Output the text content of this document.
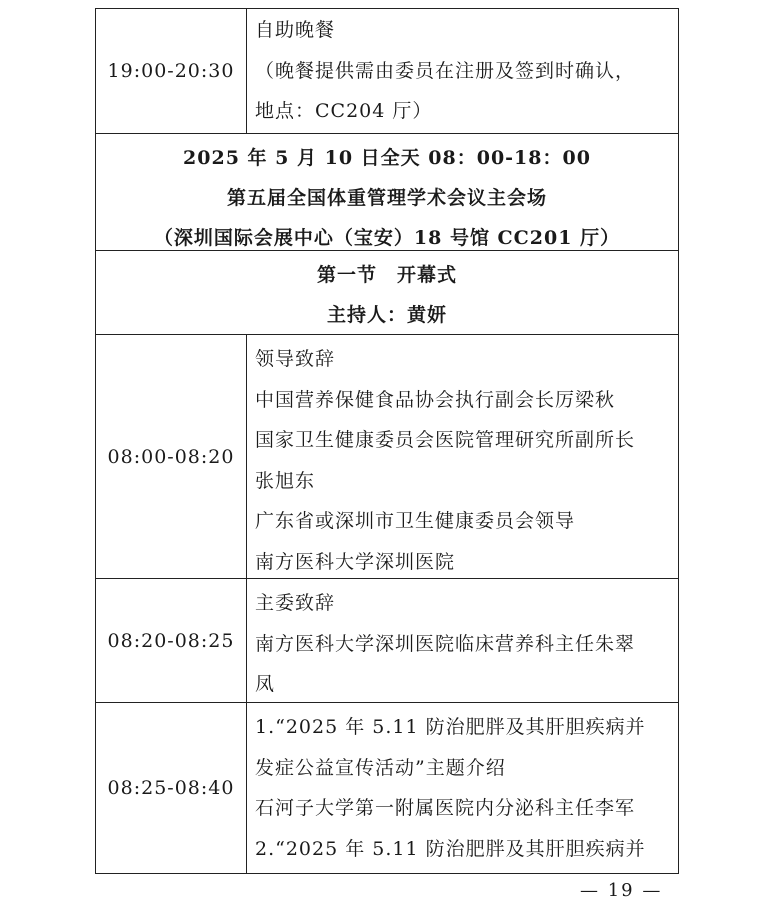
19:00-20:30
自助晚餐
（晚餐提供需由委员在注册及签到时确认，
地点：CC204 厅）
2025 年 5 月 10 日全天 08：00-18：00
第五届全国体重管理学术会议主会场
（深圳国际会展中心（宝安）18 号馆 CC201 厅）
第一节　开幕式
主持人：黄妍
08:00-08:20
领导致辞
中国营养保健食品协会执行副会长厉梁秋
国家卫生健康委员会医院管理研究所副所长
张旭东
广东省或深圳市卫生健康委员会领导
南方医科大学深圳医院
08:20-08:25
主委致辞
南方医科大学深圳医院临床营养科主任朱翠
凤
08:25-08:40
1.“2025 年 5.11 防治肥胖及其肝胆疾病并
发症公益宣传活动”主题介绍
石河子大学第一附属医院内分泌科主任李军
2.“2025 年 5.11 防治肥胖及其肝胆疾病并
— 19 —
